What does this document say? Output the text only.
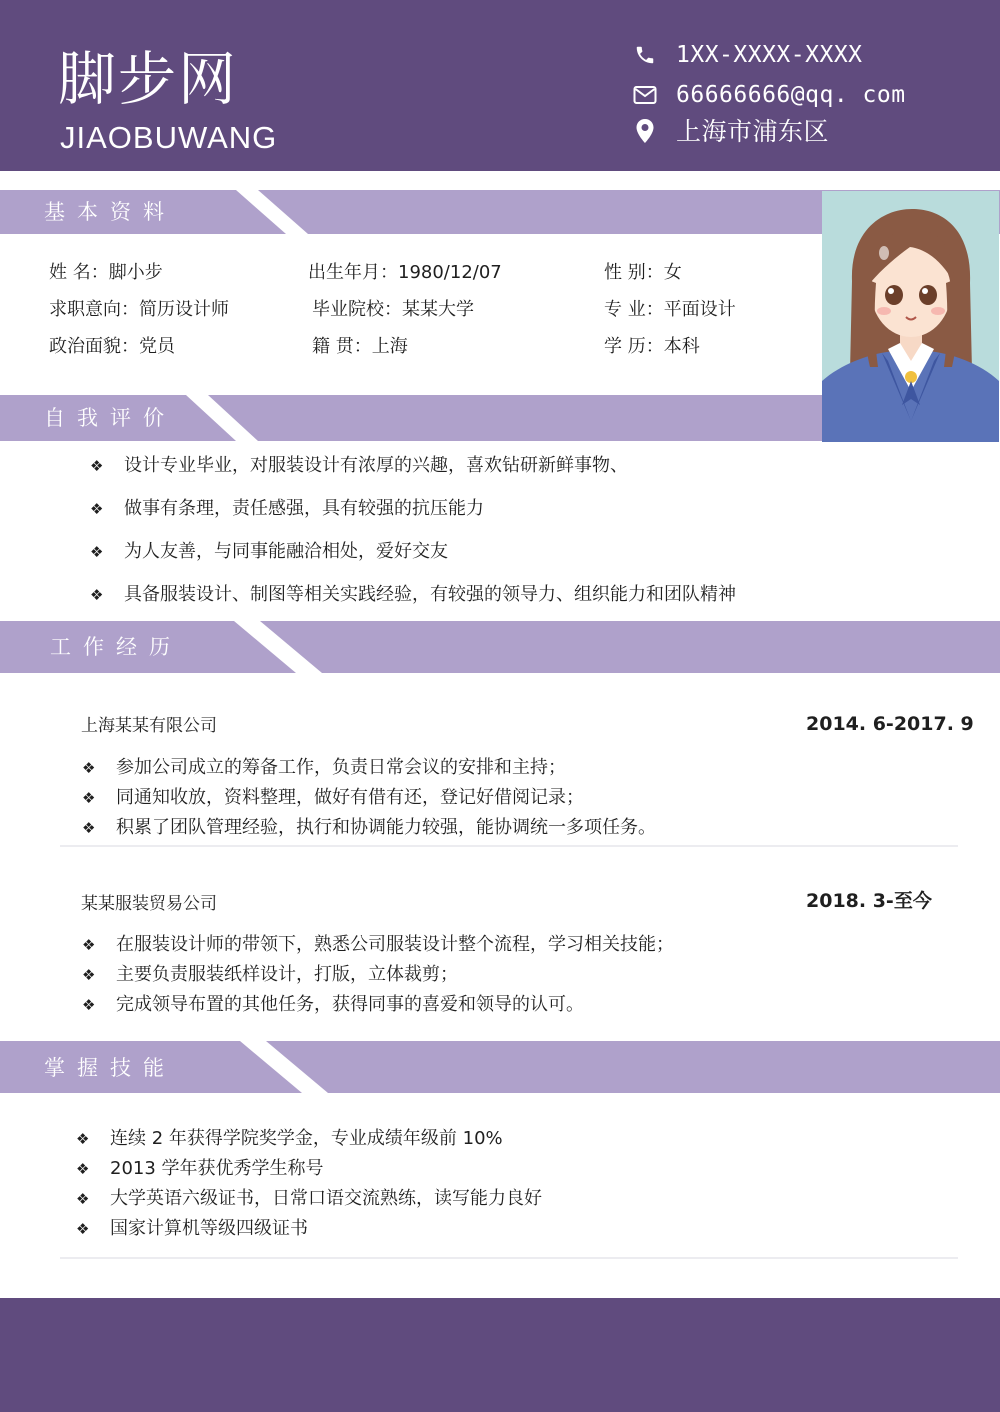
脚步网
JIAOBUWANG
1XX-XXXX-XXXX
66666666@qq. com
上海市浦东区
基本资料
姓 名：脚小步	出生年月：1980/12/07	性 别：女
求职意向：简历设计师	毕业院校：某某大学	专 业：平面设计
政治面貌：党员	籍 贯：上海	学 历：本科
自我评价
❖ 设计专业毕业，对服装设计有浓厚的兴趣，喜欢钻研新鲜事物、
❖ 做事有条理，责任感强，具有较强的抗压能力
❖ 为人友善，与同事能融洽相处，爱好交友
❖ 具备服装设计、制图等相关实践经验，有较强的领导力、组织能力和团队精神
工作经历
上海某某有限公司	2014. 6-2017. 9
❖ 参加公司成立的筹备工作，负责日常会议的安排和主持；
❖ 同通知收放，资料整理，做好有借有还，登记好借阅记录；
❖ 积累了团队管理经验，执行和协调能力较强，能协调统一多项任务。
某某服装贸易公司	2018. 3-至今
❖ 在服装设计师的带领下，熟悉公司服装设计整个流程，学习相关技能；
❖ 主要负责服装纸样设计，打版，立体裁剪；
❖ 完成领导布置的其他任务，获得同事的喜爱和领导的认可。
掌握技能
❖ 连续 2 年获得学院奖学金，专业成绩年级前 10%
❖ 2013 学年获优秀学生称号
❖ 大学英语六级证书，日常口语交流熟练，读写能力良好
❖ 国家计算机等级四级证书
